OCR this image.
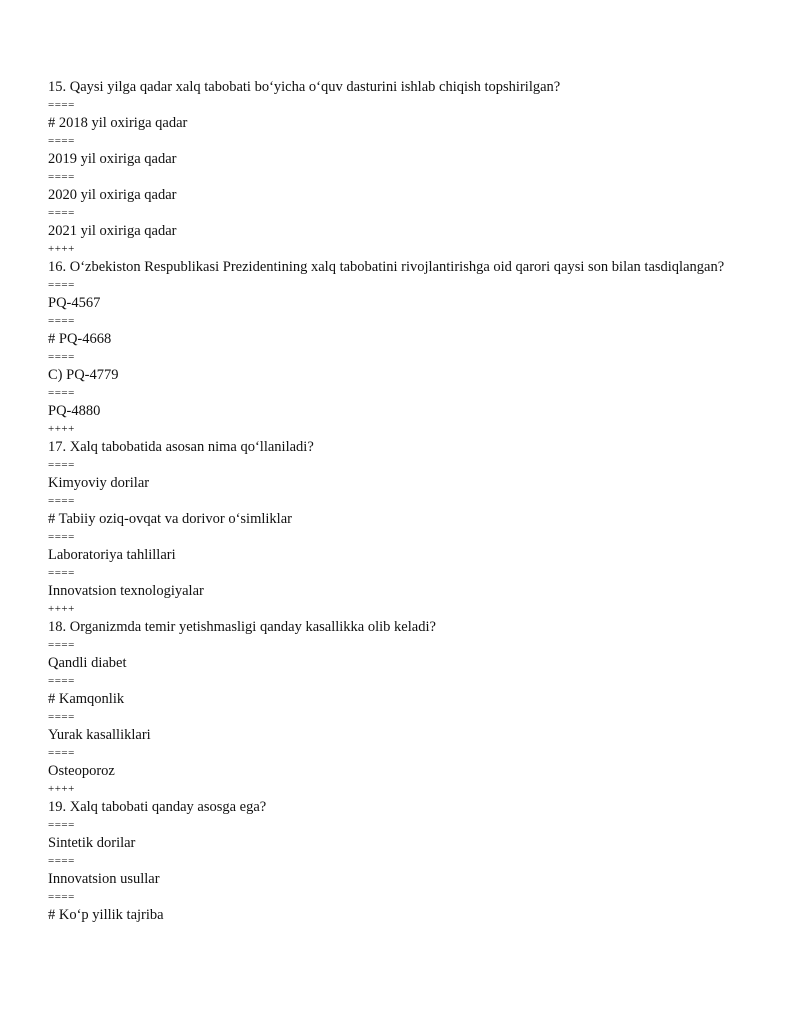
15. Qaysi yilga qadar xalq tabobati bo‘yicha o‘quv dasturini ishlab chiqish topshirilgan?
====
# 2018 yil oxiriga qadar
====
2019 yil oxiriga qadar
====
2020 yil oxiriga qadar
====
2021 yil oxiriga qadar
++++
16. O‘zbekiston Respublikasi Prezidentining xalq tabobatini rivojlantirishga oid qarori qaysi son bilan tasdiqlangan?
====
PQ-4567
====
# PQ-4668
====
C) PQ-4779
====
PQ-4880
++++
17. Xalq tabobatida asosan nima qo‘llaniladi?
====
Kimyoviy dorilar
====
# Tabiiy oziq-ovqat va dorivor o‘simliklar
====
Laboratoriya tahlillari
====
Innovatsion texnologiyalar
++++
18. Organizmda temir yetishmasligi qanday kasallikka olib keladi?
====
Qandli diabet
====
# Kamqonlik
====
Yurak kasalliklari
====
Osteoporoz
++++
19. Xalq tabobati qanday asosga ega?
====
Sintetik dorilar
====
Innovatsion usullar
====
# Ko‘p yillik tajriba
